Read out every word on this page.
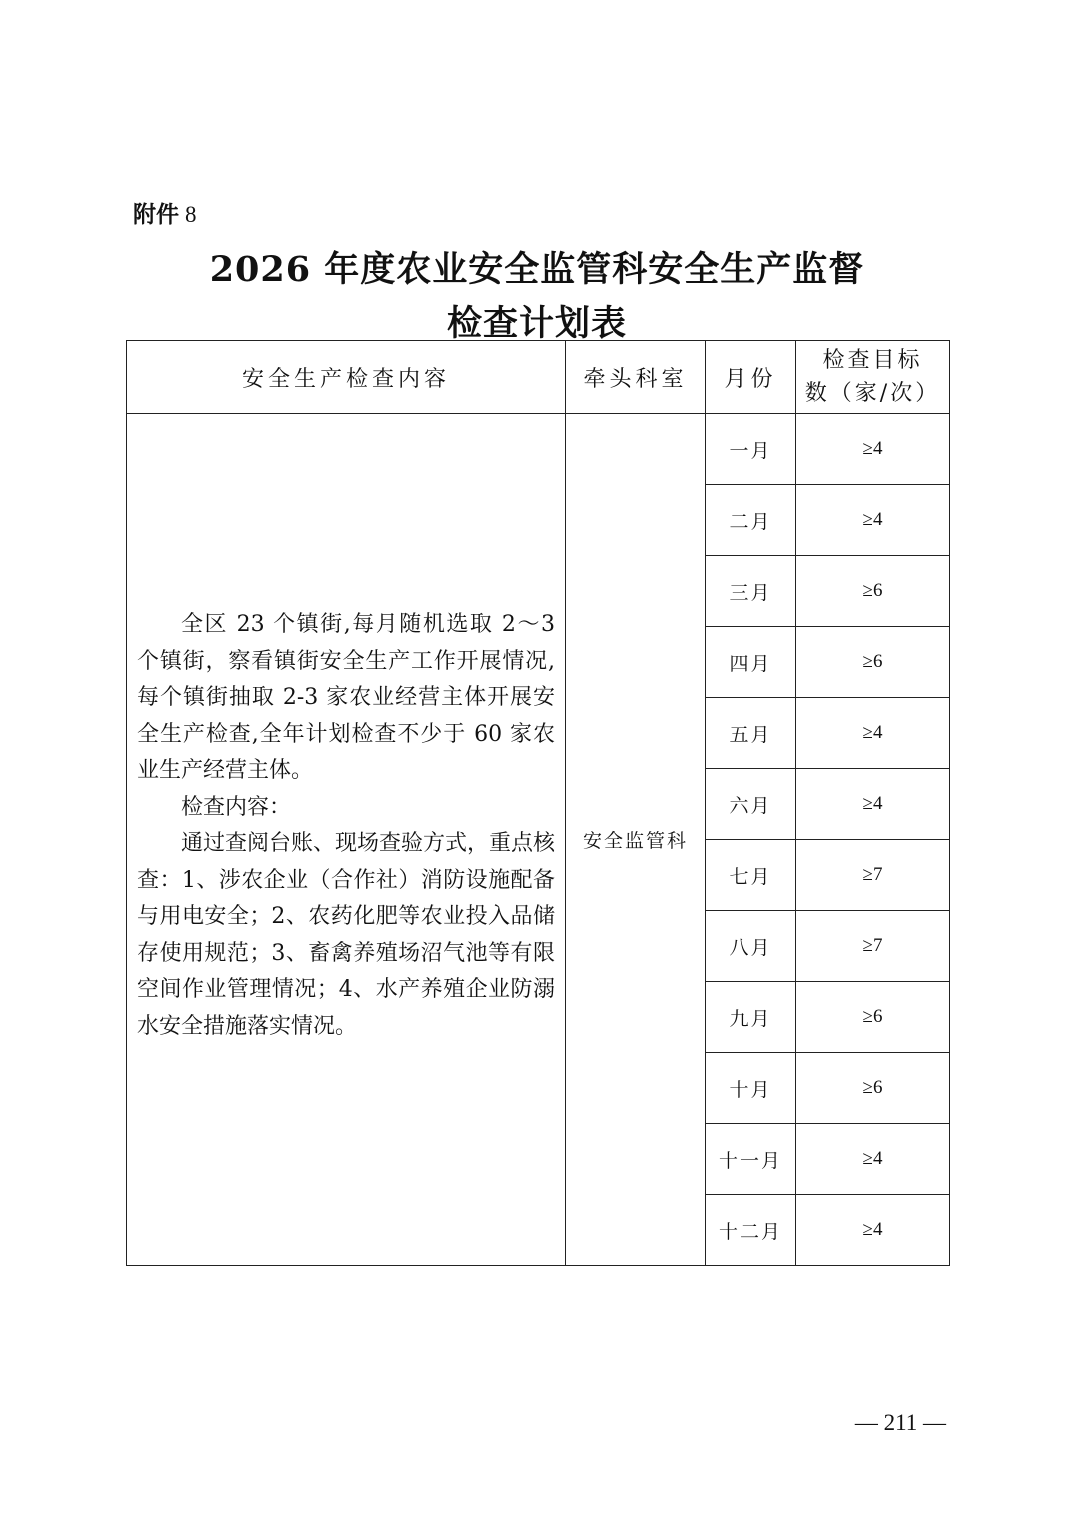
附件 8
2026 年度农业安全监管科安全生产监督
检查计划表
安全生产检查内容	牵头科室	月份	检查目标
数（家/次）

全区 23 个镇街,每月随机选取 2～3 个镇街，察看镇街安全生产工作开展情况,每个镇街抽取 2-3 家农业经营主体开展安全生产检查,全年计划检查不少于 60 家农业生产经营主体。

检查内容：

通过查阅台账、现场查验方式，重点核查：1、涉农企业（合作社）消防设施配备与用电安全；2、农药化肥等农业投入品储存使用规范；3、畜禽养殖场沼气池等有限空间作业管理情况；4、水产养殖企业防溺水安全措施落实情况。	安全监管科	一月	≥4
		二月	≥4
		三月	≥6
		四月	≥6
		五月	≥4
		六月	≥4
		七月	≥7
		八月	≥7
		九月	≥6
		十月	≥6
		十一月	≥4
		十二月	≥4
— 211 —
